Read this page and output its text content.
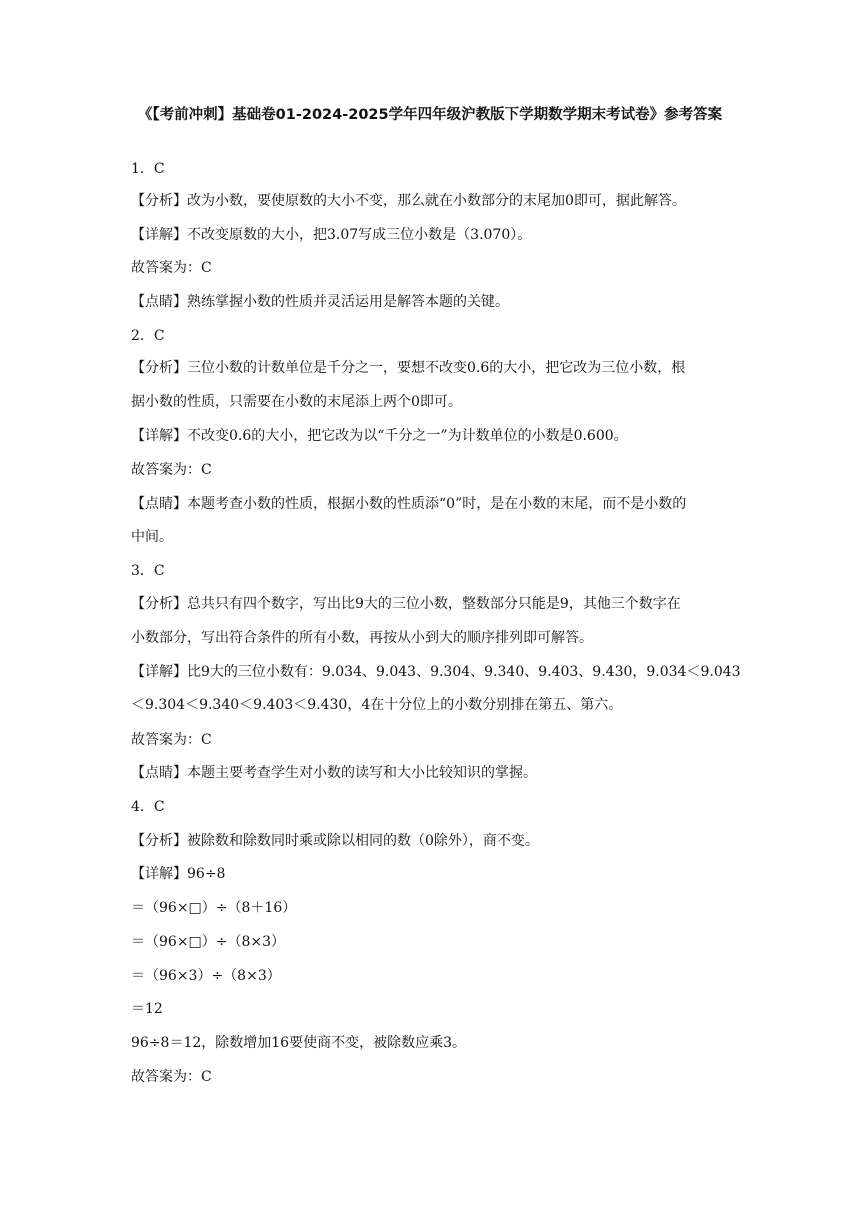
《【考前冲刺】基础卷01-2024-2025学年四年级沪教版下学期数学期末考试卷》参考答案
1．C
【分析】改为小数，要使原数的大小不变，那么就在小数部分的末尾加0即可，据此解答。
【详解】不改变原数的大小，把3.07写成三位小数是（3.070）。
故答案为：C
【点睛】熟练掌握小数的性质并灵活运用是解答本题的关键。
2．C
【分析】三位小数的计数单位是千分之一，要想不改变0.6的大小，把它改为三位小数，根
据小数的性质，只需要在小数的末尾添上两个0即可。
【详解】不改变0.6的大小，把它改为以“千分之一”为计数单位的小数是0.600。
故答案为：C
【点睛】本题考查小数的性质，根据小数的性质添“0”时，是在小数的末尾，而不是小数的
中间。
3．C
【分析】总共只有四个数字，写出比9大的三位小数，整数部分只能是9，其他三个数字在
小数部分，写出符合条件的所有小数，再按从小到大的顺序排列即可解答。
【详解】比9大的三位小数有：9.034、9.043、9.304、9.340、9.403、9.430，9.034＜9.043
＜9.304＜9.340＜9.403＜9.430，4在十分位上的小数分别排在第五、第六。
故答案为：C
【点睛】本题主要考查学生对小数的读写和大小比较知识的掌握。
4．C
【分析】被除数和除数同时乘或除以相同的数（0除外），商不变。
【详解】96÷8
＝（96×□）÷（8＋16）
＝（96×□）÷（8×3）
＝（96×3）÷（8×3）
＝12
96÷8＝12，除数增加16要使商不变，被除数应乘3。
故答案为：C
